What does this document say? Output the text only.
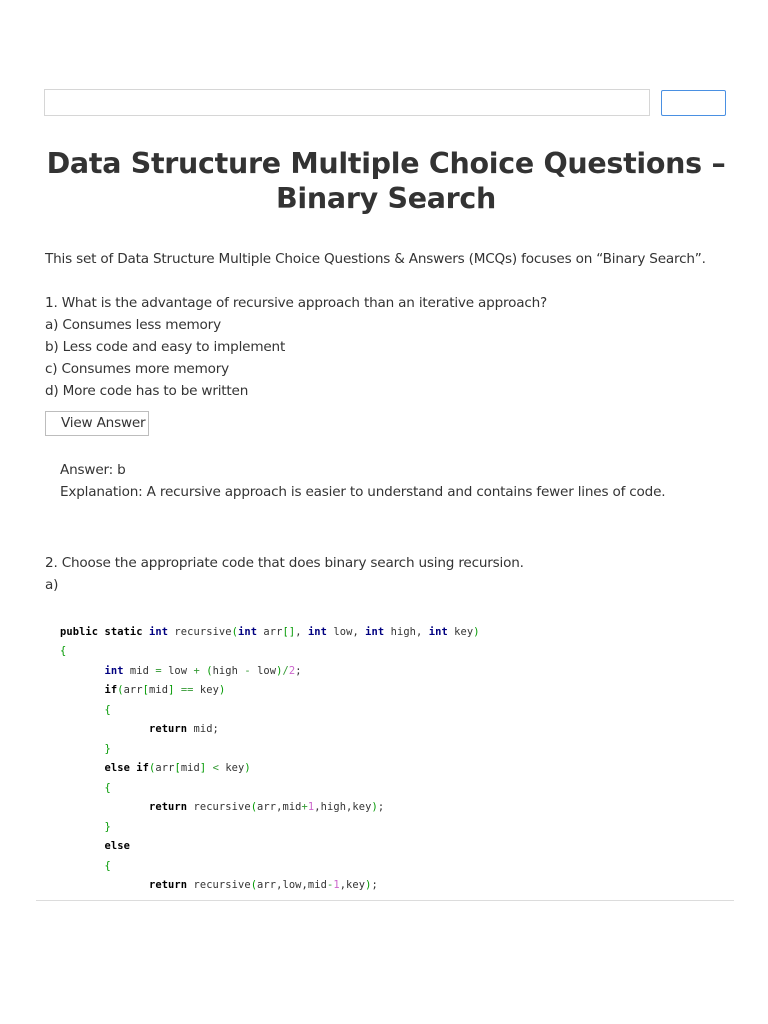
Data Structure Multiple Choice Questions – Binary Search

This set of Data Structure Multiple Choice Questions & Answers (MCQs) focuses on “Binary Search”.

1. What is the advantage of recursive approach than an iterative approach?

a) Consumes less memory

b) Less code and easy to implement

c) Consumes more memory

d) More code has to be written

View Answer

Answer: b

Explanation: A recursive approach is easier to understand and contains fewer lines of code.

2. Choose the appropriate code that does binary search using recursion.

a)

public static int recursive(int arr[], int low, int high, int key)
{
int mid = low + (high - low)/2;
if(arr[mid] == key)
{
return mid;
}
else if(arr[mid] < key)
{
return recursive(arr,mid+1,high,key);
}
else
{
return recursive(arr,low,mid-1,key);
